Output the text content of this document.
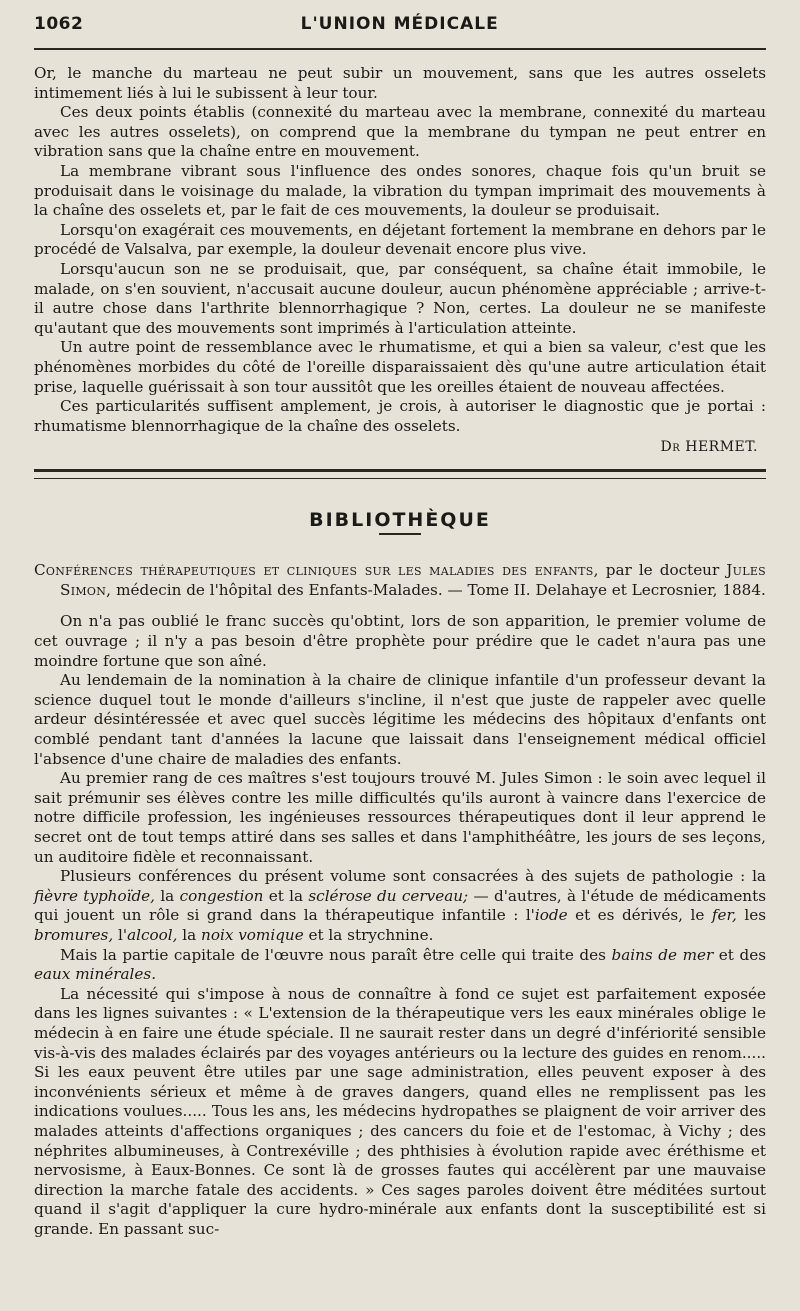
1062	L'UNION MÉDICALE

Or, le manche du marteau ne peut subir un mouvement, sans que les autres osselets intimement liés à lui le subissent à leur tour.

Ces deux points établis (connexité du marteau avec la membrane, connexité du marteau avec les autres osselets), on comprend que la membrane du tympan ne peut entrer en vibration sans que la chaîne entre en mouvement.

La membrane vibrant sous l'influence des ondes sonores, chaque fois qu'un bruit se produisait dans le voisinage du malade, la vibration du tympan imprimait des mouvements à la chaîne des osselets et, par le fait de ces mouvements, la douleur se produisait.

Lorsqu'on exagérait ces mouvements, en déjetant fortement la membrane en dehors par le procédé de Valsalva, par exemple, la douleur devenait encore plus vive.

Lorsqu'aucun son ne se produisait, que, par conséquent, sa chaîne était immobile, le malade, on s'en souvient, n'accusait aucune douleur, aucun phénomène appréciable ; arrive-t-il autre chose dans l'arthrite blennorrhagique ? Non, certes. La douleur ne se manifeste qu'autant que des mouvements sont imprimés à l'articulation atteinte.

Un autre point de ressemblance avec le rhumatisme, et qui a bien sa valeur, c'est que les phénomènes morbides du côté de l'oreille disparaissaient dès qu'une autre articulation était prise, laquelle guérissait à son tour aussitôt que les oreilles étaient de nouveau affectées.

Ces particularités suffisent amplement, je crois, à autoriser le diagnostic que je portai : rhumatisme blennorrhagique de la chaîne des osselets.

Dr HERMET.
BIBLIOTHÈQUE
Conférences thérapeutiques et cliniques sur les maladies des enfants, par le docteur Jules Simon, médecin de l'hôpital des Enfants-Malades. — Tome II. Delahaye et Lecrosnier, 1884.

On n'a pas oublié le franc succès qu'obtint, lors de son apparition, le premier volume de cet ouvrage ; il n'y a pas besoin d'être prophète pour prédire que le cadet n'aura pas une moindre fortune que son aîné.

Au lendemain de la nomination à la chaire de clinique infantile d'un professeur devant la science duquel tout le monde d'ailleurs s'incline, il n'est que juste de rappeler avec quelle ardeur désintéressée et avec quel succès légitime les médecins des hôpitaux d'enfants ont comblé pendant tant d'années la lacune que laissait dans l'enseignement médical officiel l'absence d'une chaire de maladies des enfants.

Au premier rang de ces maîtres s'est toujours trouvé M. Jules Simon : le soin avec lequel il sait prémunir ses élèves contre les mille difficultés qu'ils auront à vaincre dans l'exercice de notre difficile profession, les ingénieuses ressources thérapeutiques dont il leur apprend le secret ont de tout temps attiré dans ses salles et dans l'amphithéâtre, les jours de ses leçons, un auditoire fidèle et reconnaissant.

Plusieurs conférences du présent volume sont consacrées à des sujets de pathologie : la fièvre typhoïde, la congestion et la sclérose du cerveau; — d'autres, à l'étude de médicaments qui jouent un rôle si grand dans la thérapeutique infantile : l'iode et es dérivés, le fer, les bromures, l'alcool, la noix vomique et la strychnine.

Mais la partie capitale de l'œuvre nous paraît être celle qui traite des bains de mer et des eaux minérales.

La nécessité qui s'impose à nous de connaître à fond ce sujet est parfaitement exposée dans les lignes suivantes : « L'extension de la thérapeutique vers les eaux minérales oblige le médecin à en faire une étude spéciale. Il ne saurait rester dans un degré d'infériorité sensible vis-à-vis des malades éclairés par des voyages antérieurs ou la lecture des guides en renom..... Si les eaux peuvent être utiles par une sage administration, elles peuvent exposer à des inconvénients sérieux et même à de graves dangers, quand elles ne remplissent pas les indications voulues..... Tous les ans, les médecins hydropathes se plaignent de voir arriver des malades atteints d'affections organiques ; des cancers du foie et de l'estomac, à Vichy ; des néphrites albumineuses, à Contrexéville ; des phthisies à évolution rapide avec éréthisme et nervosisme, à Eaux-Bonnes. Ce sont là de grosses fautes qui accélèrent par une mauvaise direction la marche fatale des accidents. » Ces sages paroles doivent être méditées surtout quand il s'agit d'appliquer la cure hydro-minérale aux enfants dont la susceptibilité est si grande. En passant suc-
